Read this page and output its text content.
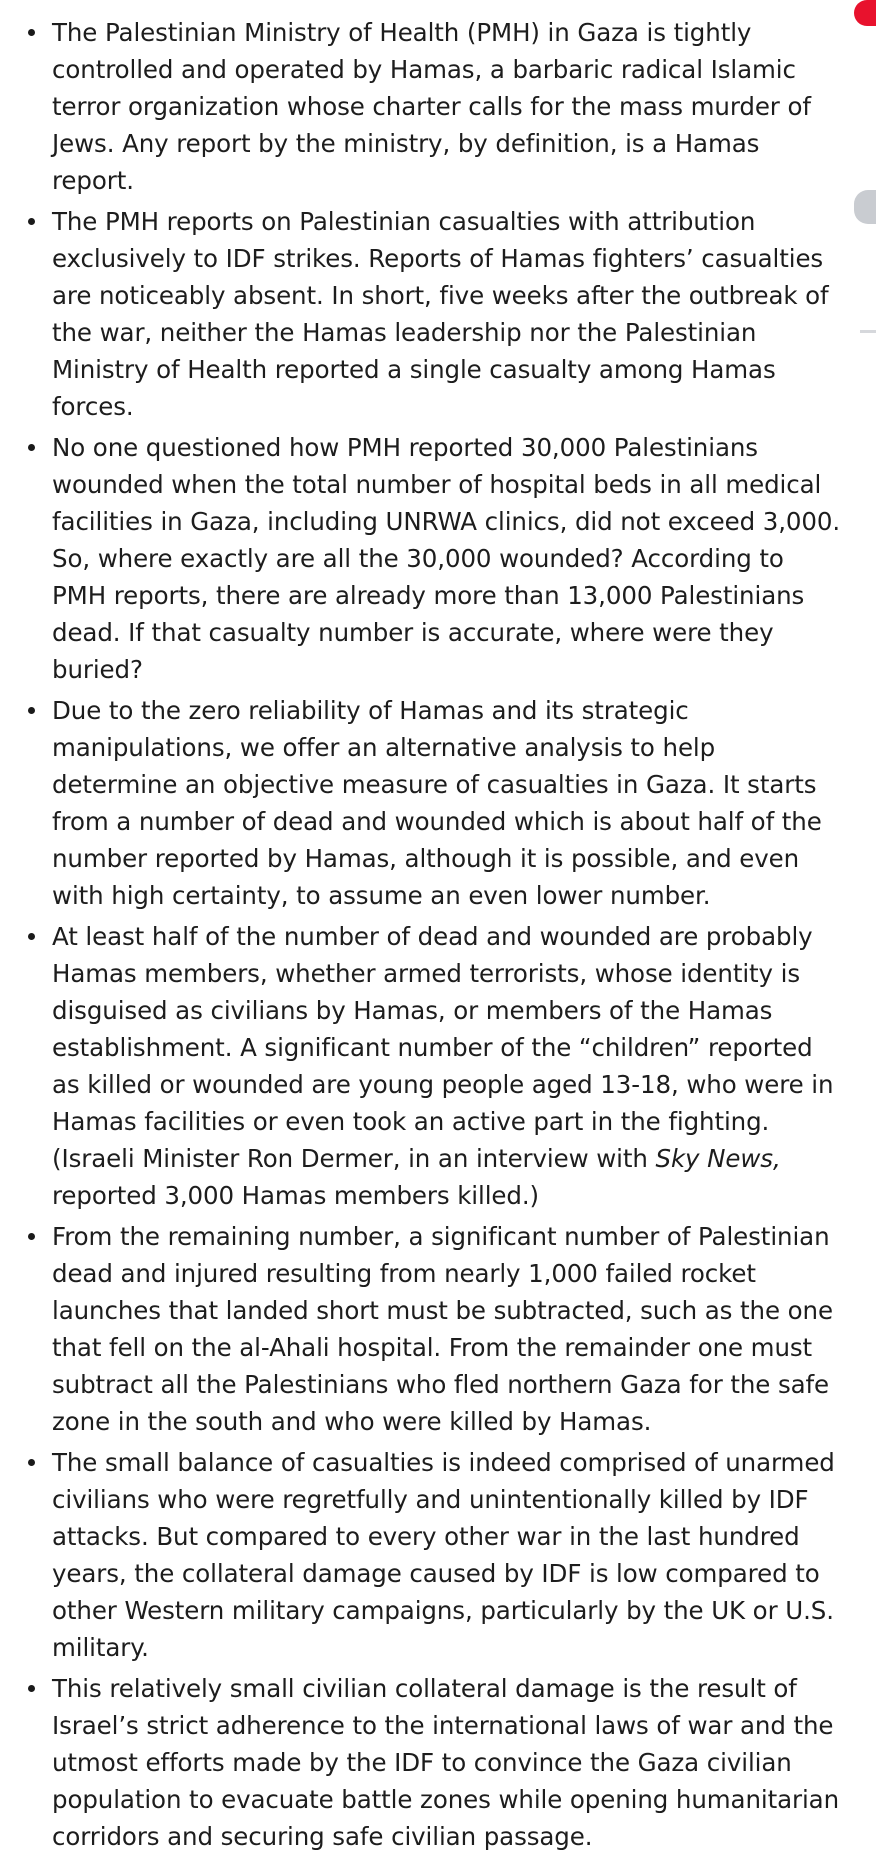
The Palestinian Ministry of Health (PMH) in Gaza is tightly controlled and operated by Hamas, a barbaric radical Islamic terror organization whose charter calls for the mass murder of Jews. Any report by the ministry, by definition, is a Hamas report.
The PMH reports on Palestinian casualties with attribution exclusively to IDF strikes. Reports of Hamas fighters’ casualties are noticeably absent. In short, five weeks after the outbreak of the war, neither the Hamas leadership nor the Palestinian Ministry of Health reported a single casualty among Hamas forces.
No one questioned how PMH reported 30,000 Palestinians wounded when the total number of hospital beds in all medical facilities in Gaza, including UNRWA clinics, did not exceed 3,000. So, where exactly are all the 30,000 wounded? According to PMH reports, there are already more than 13,000 Palestinians dead. If that casualty number is accurate, where were they buried?
Due to the zero reliability of Hamas and its strategic manipulations, we offer an alternative analysis to help determine an objective measure of casualties in Gaza. It starts from a number of dead and wounded which is about half of the number reported by Hamas, although it is possible, and even with high certainty, to assume an even lower number.
At least half of the number of dead and wounded are probably Hamas members, whether armed terrorists, whose identity is disguised as civilians by Hamas, or members of the Hamas establishment. A significant number of the “children” reported as killed or wounded are young people aged 13-18, who were in Hamas facilities or even took an active part in the fighting. (Israeli Minister Ron Dermer, in an interview with Sky News, reported 3,000 Hamas members killed.)
From the remaining number, a significant number of Palestinian dead and injured resulting from nearly 1,000 failed rocket launches that landed short must be subtracted, such as the one that fell on the al-Ahali hospital. From the remainder one must subtract all the Palestinians who fled northern Gaza for the safe zone in the south and who were killed by Hamas.
The small balance of casualties is indeed comprised of unarmed civilians who were regretfully and unintentionally killed by IDF attacks. But compared to every other war in the last hundred years, the collateral damage caused by IDF is low compared to other Western military campaigns, particularly by the UK or U.S. military.
This relatively small civilian collateral damage is the result of Israel’s strict adherence to the international laws of war and the utmost efforts made by the IDF to convince the Gaza civilian population to evacuate battle zones while opening humanitarian corridors and securing safe civilian passage.
